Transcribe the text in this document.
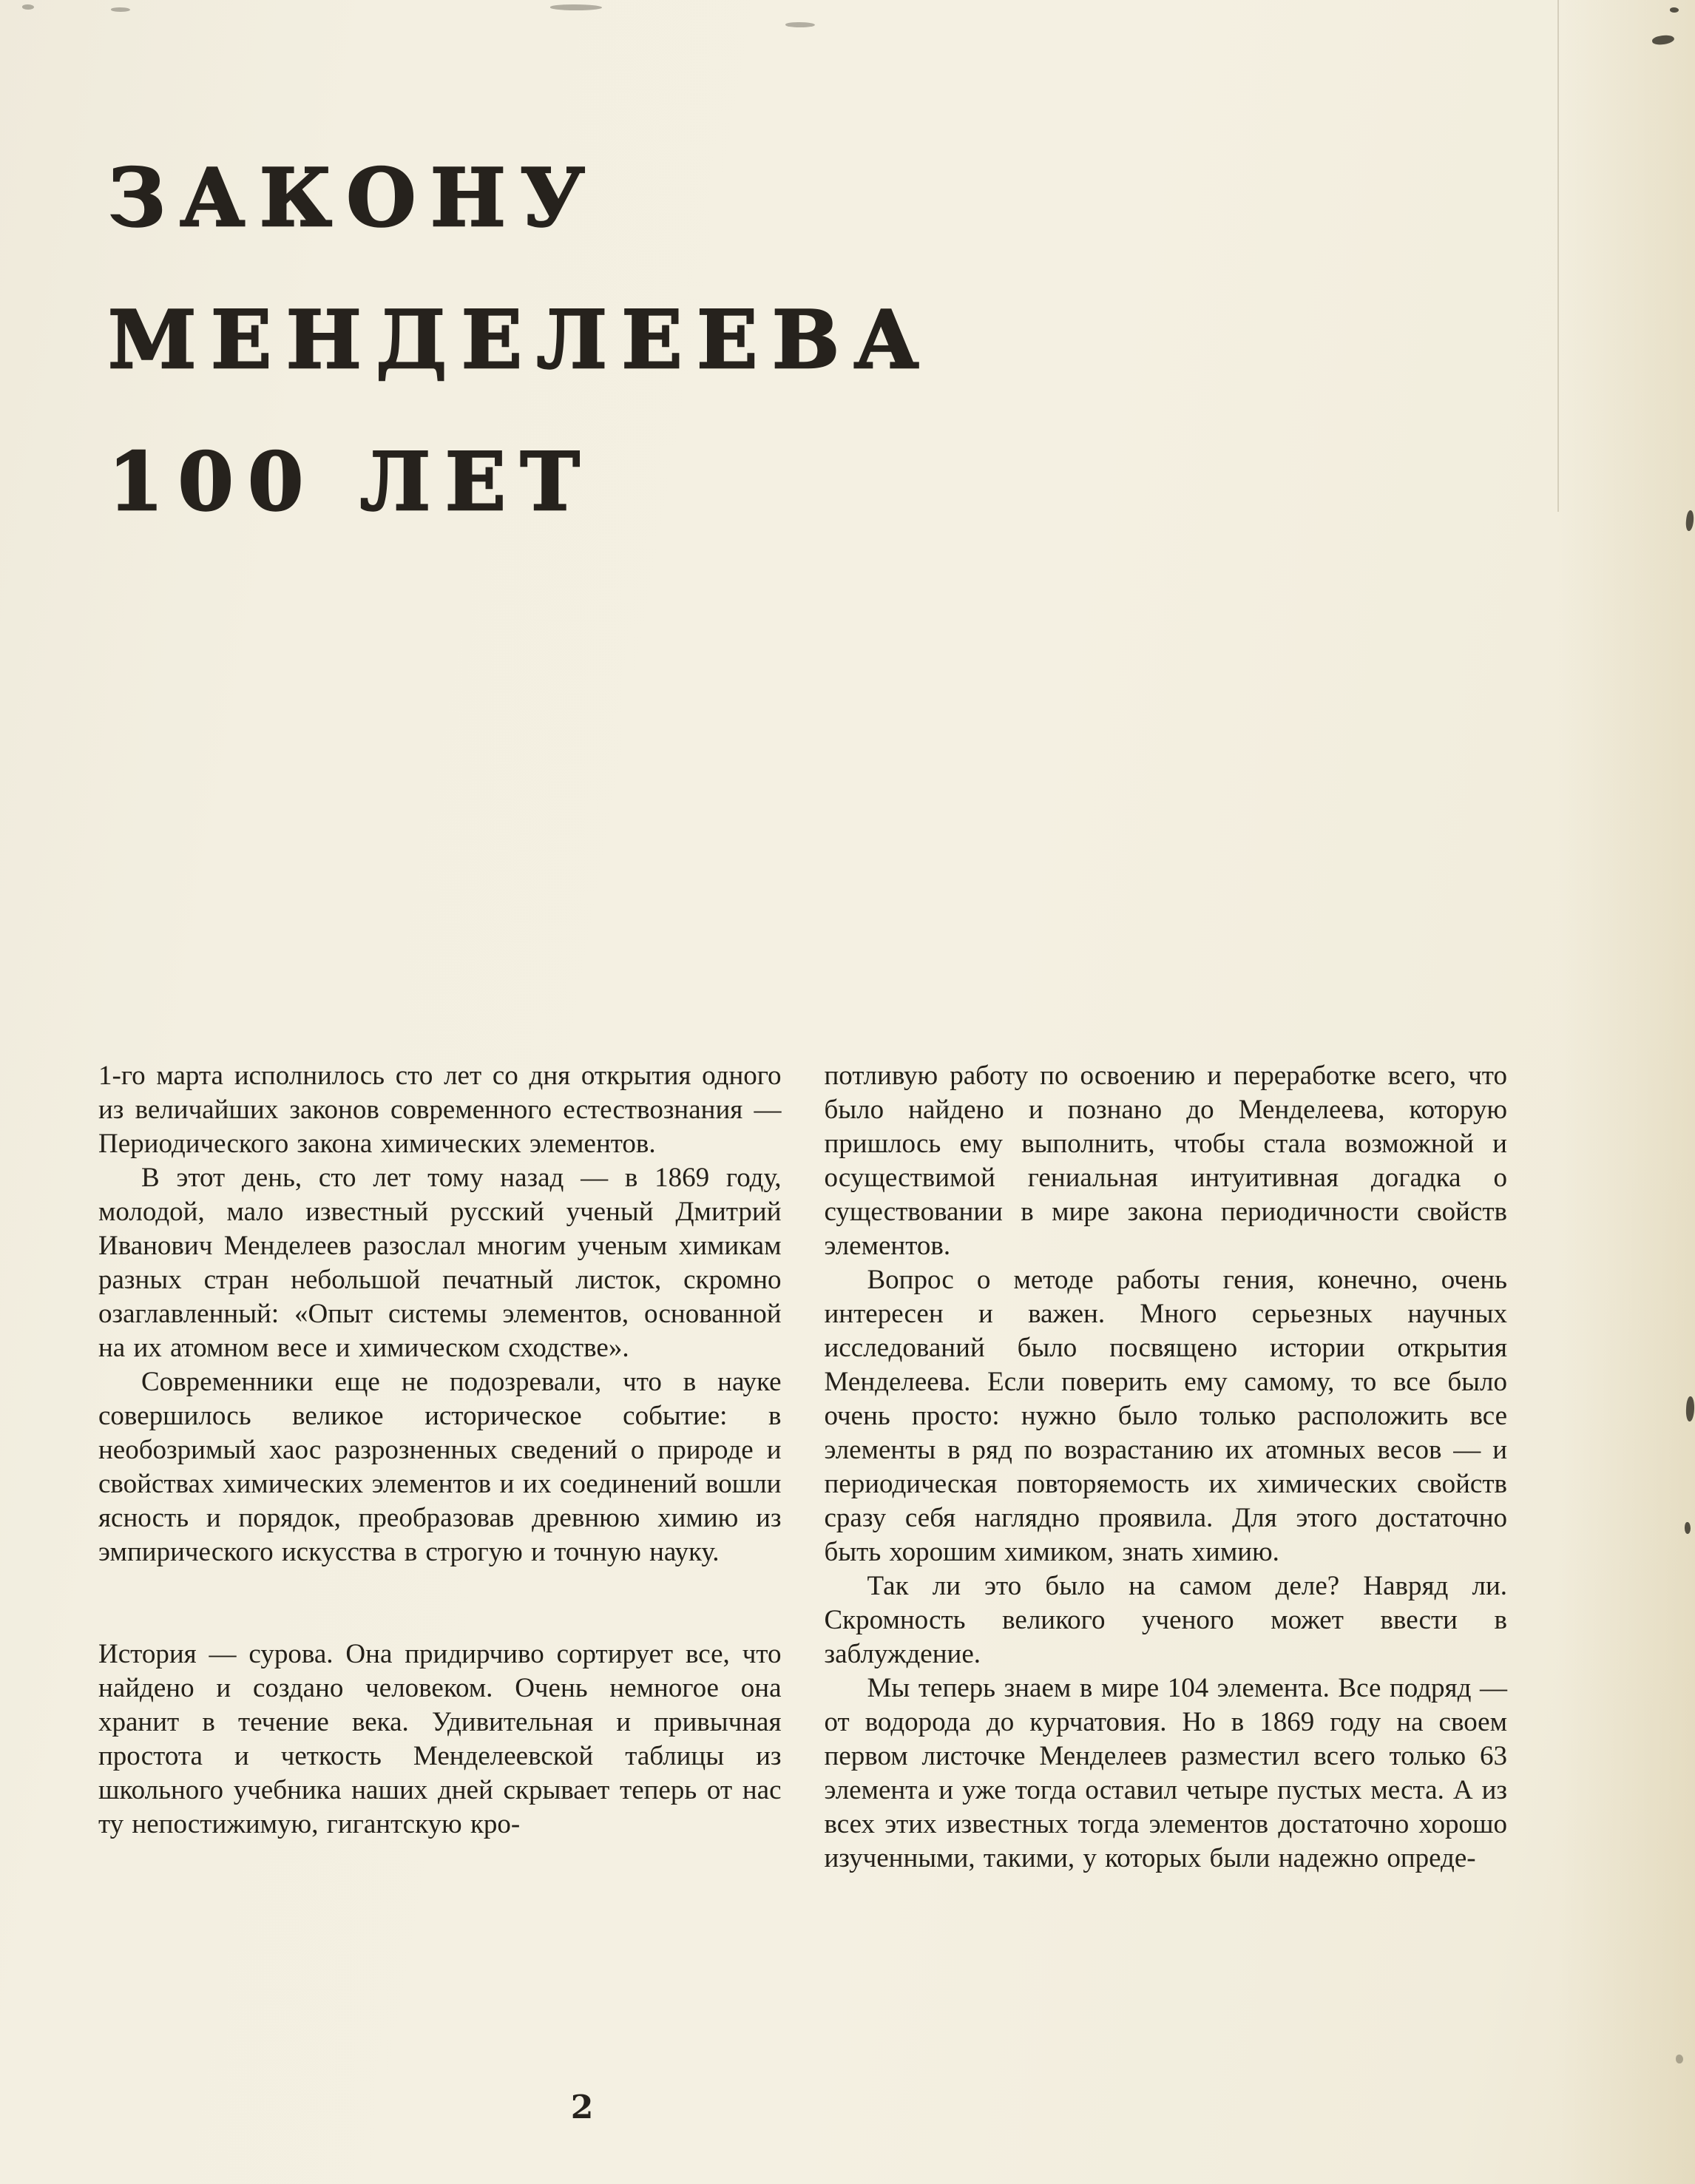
ЗАКОНУ
МЕНДЕЛЕЕВА
100 ЛЕТ

1-го марта исполнилось сто лет со дня открытия одного из величайших законов современного естествознания — Периодического закона химических элементов.

В этот день, сто лет тому назад — в 1869 году, молодой, мало известный русский ученый Дмитрий Иванович Менделеев разослал многим ученым химикам разных стран небольшой печатный листок, скромно озаглавленный: «Опыт системы элементов, основанной на их атомном весе и химическом сходстве».

Современники еще не подозревали, что в науке совершилось великое историческое событие: в необозримый хаос разрозненных сведений о природе и свойствах химических элементов и их соединений вошли ясность и порядок, преобразовав древнюю химию из эмпирического искусства в строгую и точную науку.

История — сурова. Она придирчиво сортирует все, что найдено и создано человеком. Очень немногое она хранит в течение века. Удивительная и привычная простота и четкость Менделеевской таблицы из школьного учебника наших дней скрывает теперь от нас ту непостижимую, гигантскую кро-

потливую работу по освоению и переработке всего, что было найдено и познано до Менделеева, которую пришлось ему выполнить, чтобы стала возможной и осуществимой гениальная интуитивная догадка о существовании в мире закона периодичности свойств элементов.

Вопрос о методе работы гения, конечно, очень интересен и важен. Много серьезных научных исследований было посвящено истории открытия Менделеева. Если поверить ему самому, то все было очень просто: нужно было только расположить все элементы в ряд по возрастанию их атомных весов — и периодическая повторяемость их химических свойств сразу себя наглядно проявила. Для этого достаточно быть хорошим химиком, знать химию.

Так ли это было на самом деле? Навряд ли. Скромность великого ученого может ввести в заблуждение.

Мы теперь знаем в мире 104 элемента. Все подряд — от водорода до курчатовия. Но в 1869 году на своем первом листочке Менделеев разместил всего только 63 элемента и уже тогда оставил четыре пустых места. А из всех этих известных тогда элементов достаточно хорошо изученными, такими, у которых были надежно опреде-

2
